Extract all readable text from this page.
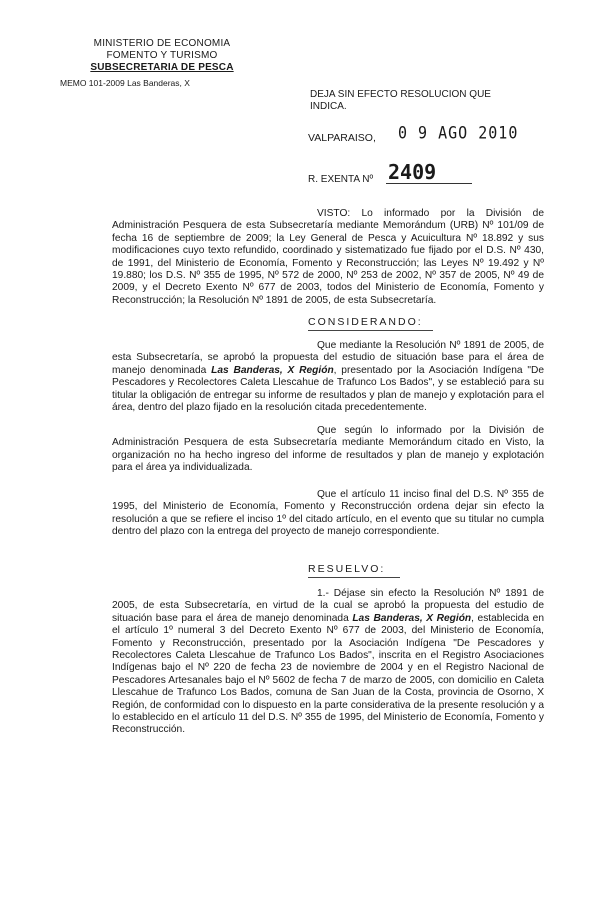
MINISTERIO DE ECONOMIA
FOMENTO Y TURISMO
SUBSECRETARIA DE PESCA
MEMO 101-2009 Las Banderas, X
DEJA SIN EFECTO RESOLUCION QUE INDICA.
VALPARAISO, 0 9 AGO 2010
R. EXENTA Nº 2409
VISTO: Lo informado por la División de Administración Pesquera de esta Subsecretaría mediante Memorándum (URB) Nº 101/09 de fecha 16 de septiembre de 2009; la Ley General de Pesca y Acuicultura Nº 18.892 y sus modificaciones cuyo texto refundido, coordinado y sistematizado fue fijado por el D.S. Nº 430, de 1991, del Ministerio de Economía, Fomento y Reconstrucción; las Leyes Nº 19.492 y Nº 19.880; los D.S. Nº 355 de 1995, Nº 572 de 2000, Nº 253 de 2002, Nº 357 de 2005, Nº 49 de 2009, y el Decreto Exento Nº 677 de 2003, todos del Ministerio de Economía, Fomento y Reconstrucción; la Resolución Nº 1891 de 2005, de esta Subsecretaría.
CONSIDERANDO:
Que mediante la Resolución Nº 1891 de 2005, de esta Subsecretaría, se aprobó la propuesta del estudio de situación base para el área de manejo denominada Las Banderas, X Región, presentado por la Asociación Indígena "De Pescadores y Recolectores Caleta Llescahue de Trafunco Los Bados", y se estableció para su titular la obligación de entregar su informe de resultados y plan de manejo y explotación para el área, dentro del plazo fijado en la resolución citada precedentemente.
Que según lo informado por la División de Administración Pesquera de esta Subsecretaría mediante Memorándum citado en Visto, la organización no ha hecho ingreso del informe de resultados y plan de manejo y explotación para el área ya individualizada.
Que el artículo 11 inciso final del D.S. Nº 355 de 1995, del Ministerio de Economía, Fomento y Reconstrucción ordena dejar sin efecto la resolución a que se refiere el inciso 1º del citado artículo, en el evento que su titular no cumpla dentro del plazo con la entrega del proyecto de manejo correspondiente.
RESUELVO:
1.- Déjase sin efecto la Resolución Nº 1891 de 2005, de esta Subsecretaría, en virtud de la cual se aprobó la propuesta del estudio de situación base para el área de manejo denominada Las Banderas, X Región, establecida en el artículo 1º numeral 3 del Decreto Exento Nº 677 de 2003, del Ministerio de Economía, Fomento y Reconstrucción, presentado por la Asociación Indígena "De Pescadores y Recolectores Caleta Llescahue de Trafunco Los Bados", inscrita en el Registro Asociaciones Indígenas bajo el Nº 220 de fecha 23 de noviembre de 2004 y en el Registro Nacional de Pescadores Artesanales bajo el Nº 5602 de fecha 7 de marzo de 2005, con domicilio en Caleta Llescahue de Trafunco Los Bados, comuna de San Juan de la Costa, provincia de Osorno, X Región, de conformidad con lo dispuesto en la parte considerativa de la presente resolución y a lo establecido en el artículo 11 del D.S. Nº 355 de 1995, del Ministerio de Economía, Fomento y Reconstrucción.
